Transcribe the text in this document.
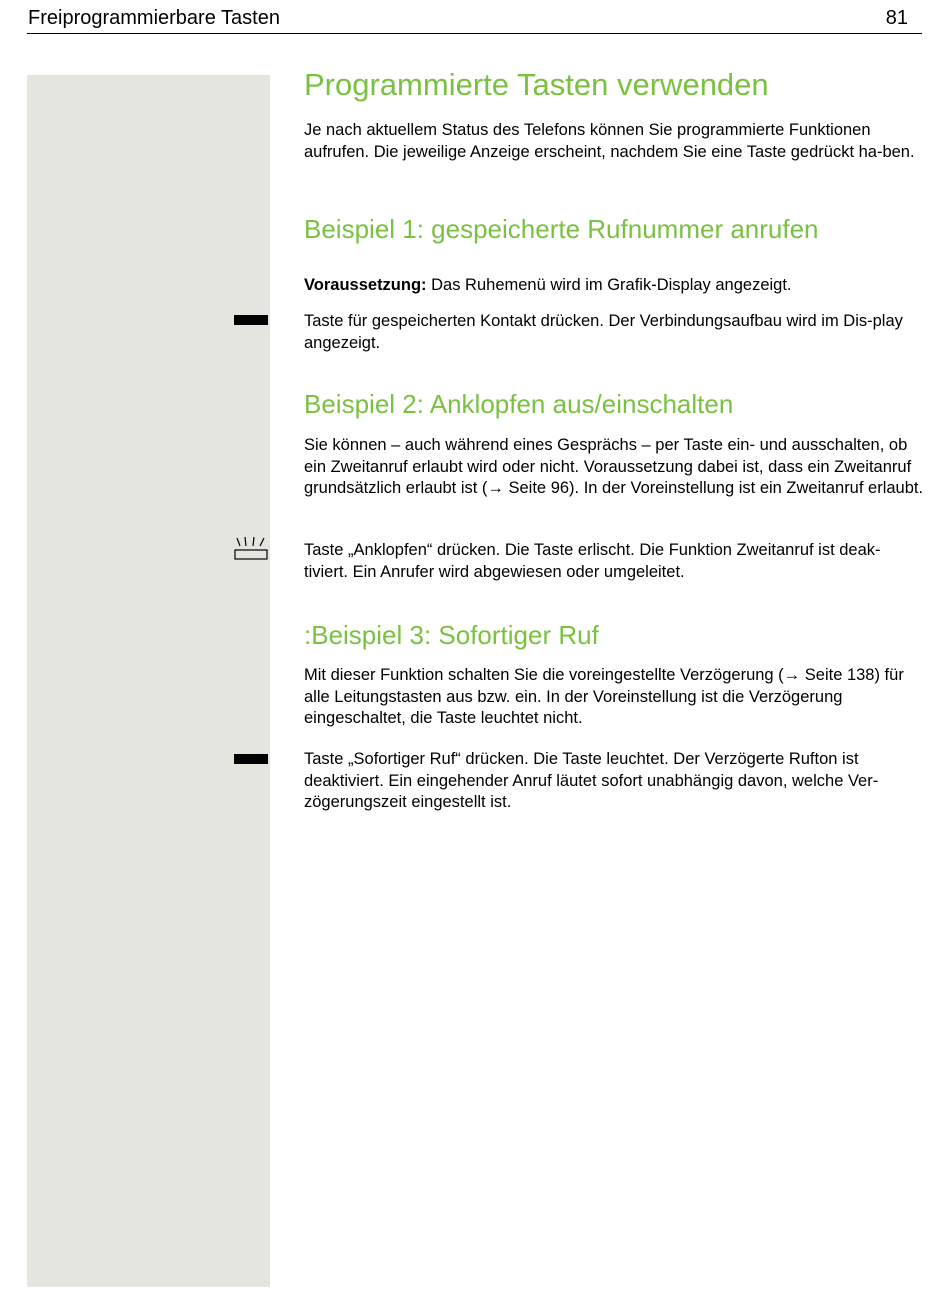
Freiprogrammierbare Tasten	81
Programmierte Tasten verwenden

Je nach aktuellem Status des Telefons können Sie programmierte Funktionen aufrufen. Die jeweilige Anzeige erscheint, nachdem Sie eine Taste gedrückt ha-ben.

Beispiel 1: gespeicherte Rufnummer anrufen

Voraussetzung: Das Ruhemenü wird im Grafik-Display angezeigt.

Taste für gespeicherten Kontakt drücken. Der Verbindungsaufbau wird im Dis-play angezeigt.

Beispiel 2: Anklopfen aus/einschalten

Sie können – auch während eines Gesprächs – per Taste ein- und ausschalten, ob ein Zweitanruf erlaubt wird oder nicht. Voraussetzung dabei ist, dass ein Zweitanruf grundsätzlich erlaubt ist (→ Seite 96). In der Voreinstellung ist ein Zweitanruf erlaubt.

Taste „Anklopfen“ drücken. Die Taste erlischt. Die Funktion Zweitanruf ist deak-tiviert. Ein Anrufer wird abgewiesen oder umgeleitet.

:Beispiel 3: Sofortiger Ruf

Mit dieser Funktion schalten Sie die voreingestellte Verzögerung (→ Seite 138) für alle Leitungstasten aus bzw. ein. In der Voreinstellung ist die Verzögerung eingeschaltet, die Taste leuchtet nicht.

Taste „Sofortiger Ruf“ drücken. Die Taste leuchtet. Der Verzögerte Rufton ist deaktiviert. Ein eingehender Anruf läutet sofort unabhängig davon, welche Ver-zögerungszeit eingestellt ist.
